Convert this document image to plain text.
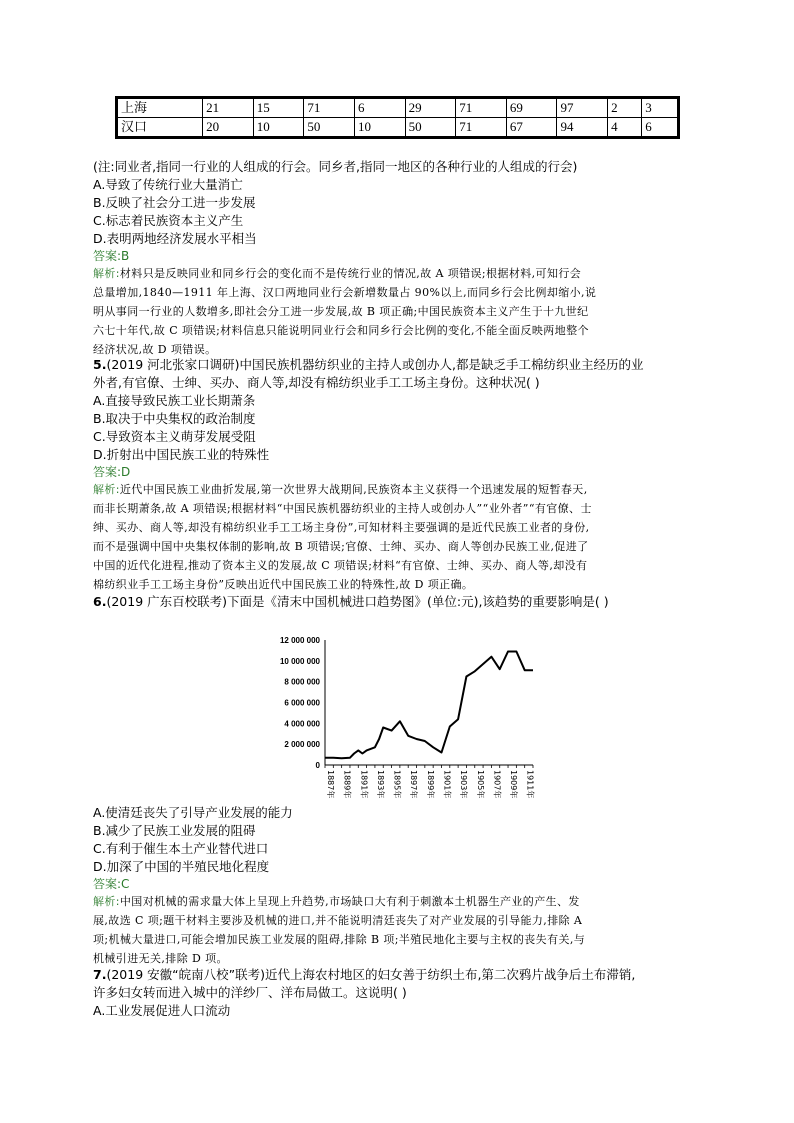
上海	21	15	71	6	29	71	69	97	2	3
汉口	20	10	50	10	50	71	67	94	4	6
(注:同业者,指同一行业的人组成的行会。同乡者,指同一地区的各种行业的人组成的行会)
A.导致了传统行业大量消亡
B.反映了社会分工进一步发展
C.标志着民族资本主义产生
D.表明两地经济发展水平相当
答案:B
解析:材料只是反映同业和同乡行会的变化而不是传统行业的情况,故 A 项错误;根据材料,可知行会
总量增加,1840—1911 年上海、汉口两地同业行会新增数量占 90%以上,而同乡行会比例却缩小,说
明从事同一行业的人数增多,即社会分工进一步发展,故 B 项正确;中国民族资本主义产生于十九世纪
六七十年代,故 C 项错误;材料信息只能说明同业行会和同乡行会比例的变化,不能全面反映两地整个
经济状况,故 D 项错误。
5.(2019 河北张家口调研)中国民族机器纺织业的主持人或创办人,都是缺乏手工棉纺织业主经历的业
外者,有官僚、士绅、买办、商人等,却没有棉纺织业手工工场主身份。这种状况( )
A.直接导致民族工业长期萧条
B.取决于中央集权的政治制度
C.导致资本主义萌芽发展受阻
D.折射出中国民族工业的特殊性
答案:D
解析:近代中国民族工业曲折发展,第一次世界大战期间,民族资本主义获得一个迅速发展的短暂春天,
而非长期萧条,故 A 项错误;根据材料“中国民族机器纺织业的主持人或创办人”“业外者”“有官僚、士
绅、买办、商人等,却没有棉纺织业手工工场主身份”,可知材料主要强调的是近代民族工业者的身份,
而不是强调中国中央集权体制的影响,故 B 项错误;官僚、士绅、买办、商人等创办民族工业,促进了
中国的近代化进程,推动了资本主义的发展,故 C 项错误;材料“有官僚、士绅、买办、商人等,却没有
棉纺织业手工工场主身份”反映出近代中国民族工业的特殊性,故 D 项正确。
6.(2019 广东百校联考)下面是《清末中国机械进口趋势图》(单位:元),该趋势的重要影响是( )
12 000 000
10 000 000
8 000 000
6 000 000
4 000 000
2 000 000
0
1887年 1889年 1891年 1893年 1895年 1897年 1899年 1901年 1903年 1905年 1907年 1909年 1911年
A.使清廷丧失了引导产业发展的能力
B.减少了民族工业发展的阻碍
C.有利于催生本土产业替代进口
D.加深了中国的半殖民地化程度
答案:C
解析:中国对机械的需求量大体上呈现上升趋势,市场缺口大有利于刺激本土机器生产业的产生、发
展,故选 C 项;题干材料主要涉及机械的进口,并不能说明清廷丧失了对产业发展的引导能力,排除 A
项;机械大量进口,可能会增加民族工业发展的阻碍,排除 B 项;半殖民地化主要与主权的丧失有关,与
机械引进无关,排除 D 项。
7.(2019 安徽“皖南八校”联考)近代上海农村地区的妇女善于纺织土布,第二次鸦片战争后土布滞销,
许多妇女转而进入城中的洋纱厂、洋布局做工。这说明( )
A.工业发展促进人口流动
